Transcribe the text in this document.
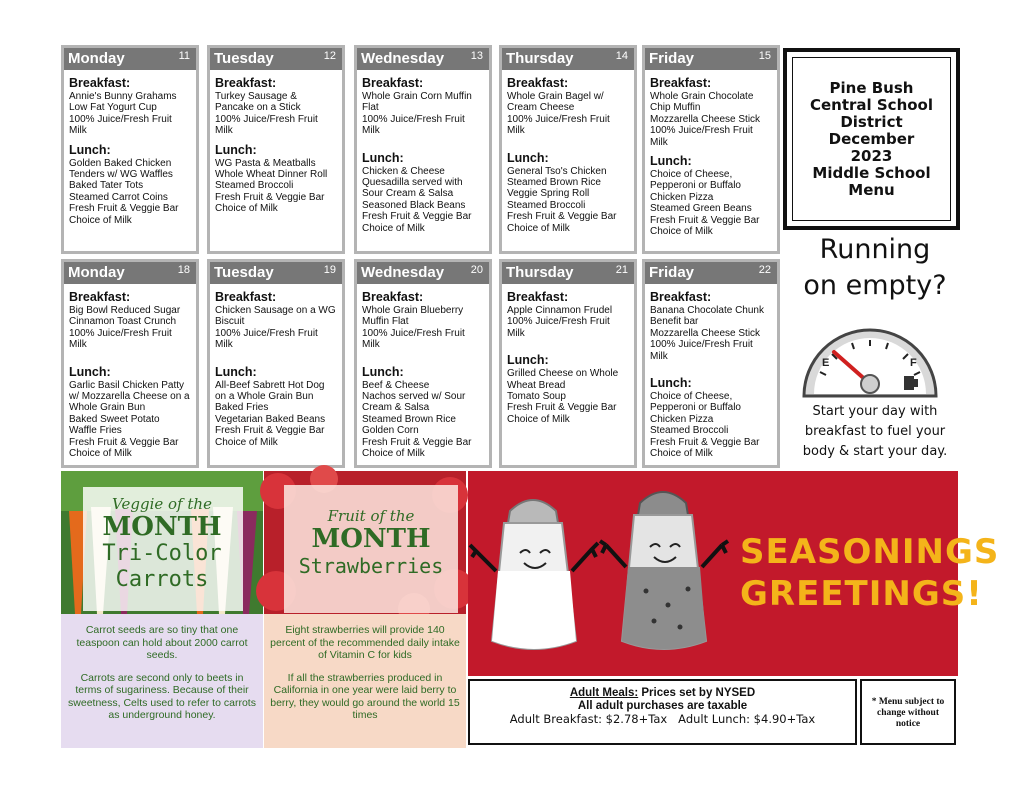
Monday	11
Breakfast:
Annie's Bunny Grahams
Low Fat Yogurt Cup
100% Juice/Fresh Fruit
Milk
Lunch:
Golden Baked Chicken
Tenders w/ WG Waffles
Baked Tater Tots
Steamed Carrot Coins
Fresh Fruit & Veggie Bar
Choice of Milk
Tuesday	12
Breakfast:
Turkey Sausage &
Pancake on a Stick
100% Juice/Fresh Fruit
Milk
Lunch:
WG Pasta & Meatballs
Whole Wheat Dinner Roll
Steamed Broccoli
Fresh Fruit & Veggie Bar
Choice of Milk
Wednesday 13
Breakfast:
Whole Grain Corn Muffin
Flat
100% Juice/Fresh Fruit
Milk
Lunch:
Chicken & Cheese
Quesadilla served with
Sour Cream & Salsa
Seasoned Black Beans
Fresh Fruit & Veggie Bar
Choice of Milk
Thursday	14
Breakfast:
Whole Grain Bagel w/
Cream Cheese
100% Juice/Fresh Fruit
Milk
Lunch:
General Tso's Chicken
Steamed Brown Rice
Veggie Spring Roll
Steamed Broccoli
Fresh Fruit & Veggie Bar
Choice of Milk
Friday	15
Breakfast:
Whole Grain Chocolate
Chip Muffin
Mozzarella Cheese Stick
100% Juice/Fresh Fruit
Milk
Lunch:
Choice of Cheese,
Pepperoni or Buffalo
Chicken Pizza
Steamed Green Beans
Fresh Fruit & Veggie Bar
Choice of Milk
Monday	18
Breakfast:
Big Bowl Reduced Sugar
Cinnamon Toast Crunch
100% Juice/Fresh Fruit
Milk
Lunch:
Garlic Basil Chicken Patty
w/ Mozzarella Cheese on a
Whole Grain Bun
Baked Sweet Potato
Waffle Fries
Fresh Fruit & Veggie Bar
Choice of Milk
Tuesday	19
Breakfast:
Chicken Sausage on a WG
Biscuit
100% Juice/Fresh Fruit
Milk
Lunch:
All-Beef Sabrett Hot Dog
on a Whole Grain Bun
Baked Fries
Vegetarian Baked Beans
Fresh Fruit & Veggie Bar
Choice of Milk
Wednesday 20
Breakfast:
Whole Grain Blueberry
Muffin Flat
100% Juice/Fresh Fruit
Milk
Lunch:
Beef & Cheese
Nachos served w/ Sour
Cream & Salsa
Steamed Brown Rice
Golden Corn
Fresh Fruit & Veggie Bar
Choice of Milk
Thursday	21
Breakfast:
Apple Cinnamon Frudel
100% Juice/Fresh Fruit
Milk
Lunch:
Grilled Cheese on Whole
Wheat Bread
Tomato Soup
Fresh Fruit & Veggie Bar
Choice of Milk
Friday	22
Breakfast:
Banana Chocolate Chunk
Benefit bar
Mozzarella Cheese Stick
100% Juice/Fresh Fruit
Milk
Lunch:
Choice of Cheese,
Pepperoni or Buffalo
Chicken Pizza
Steamed Broccoli
Fresh Fruit & Veggie Bar
Choice of Milk
Pine Bush
Central School
District
December
2023
Middle School
Menu
Running
on empty?
E	F
Start your day with
breakfast to fuel your
body & start your day.
Veggie of the
MONTH
Tri-Color
Carrots

Carrot seeds are so tiny that one teaspoon can hold about 2000 carrot seeds.

Carrots are second only to beets in terms of sugariness. Because of their sweetness, Celts used to refer to carrots as underground honey.

Fruit of the
MONTH
Strawberries

Eight strawberries will provide 140 percent of the recommended daily intake of Vitamin C for kids

If all the strawberries produced in California in one year were laid berry to berry, they would go around the world 15 times

SEASONINGS
GREETINGS!
Adult Meals: Prices set by NYSED
All adult purchases are taxable
Adult Breakfast: $2.78+Tax   Adult Lunch: $4.90+Tax
* Menu subject to
change without
notice
